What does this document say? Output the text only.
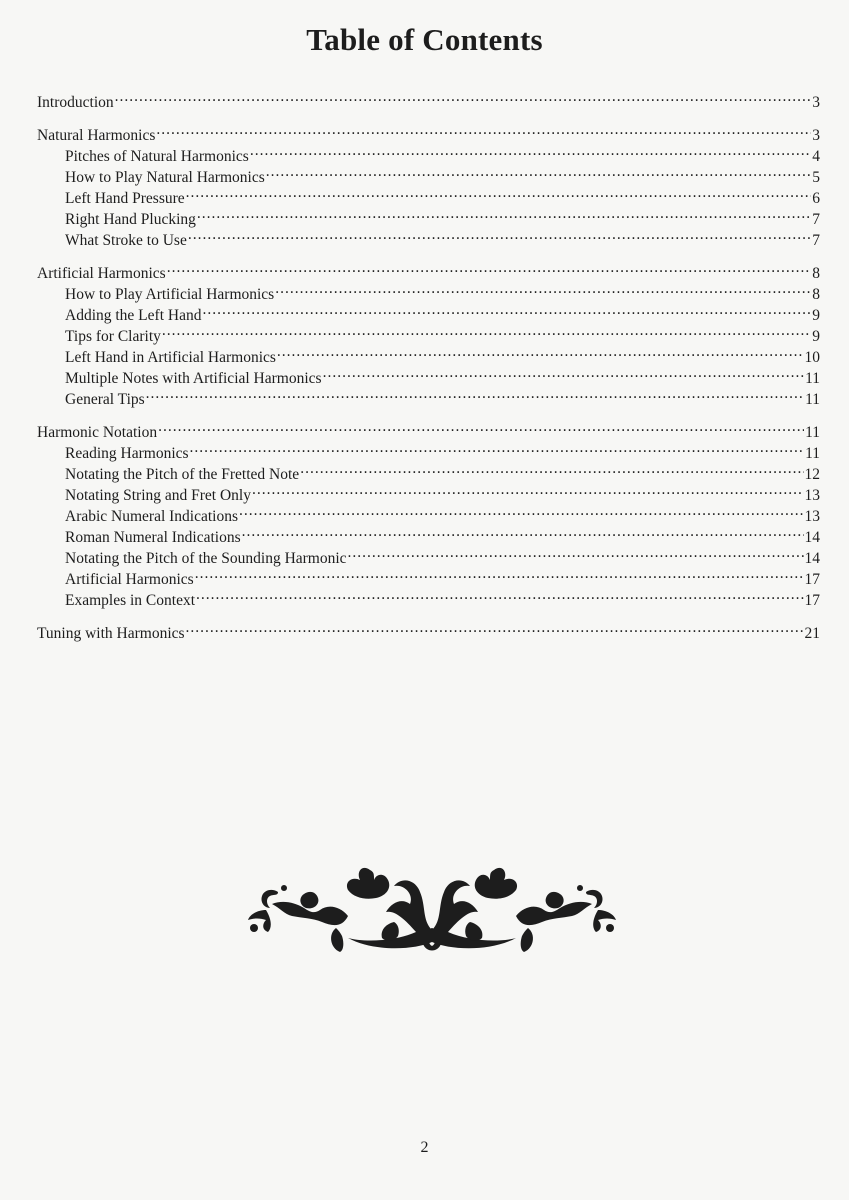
Table of Contents
Introduction .....	3
Natural Harmonics .....	3
Pitches of Natural Harmonics .....	4
How to Play Natural Harmonics .....	5
Left Hand Pressure .....	6
Right Hand Plucking .....	7
What Stroke to Use .....	7
Artificial Harmonics .....	8
How to Play Artificial Harmonics .....	8
Adding the Left Hand .....	9
Tips for Clarity .....	9
Left Hand in Artificial Harmonics .....	10
Multiple Notes with Artificial Harmonics .....	11
General Tips .....	11
Harmonic Notation .....	11
Reading Harmonics .....	11
Notating the Pitch of the Fretted Note .....	12
Notating String and Fret Only .....	13
Arabic Numeral Indications .....	13
Roman Numeral Indications .....	14
Notating the Pitch of the Sounding Harmonic .....	14
Artificial Harmonics .....	17
Examples in Context .....	17
Tuning with Harmonics .....	21
2
